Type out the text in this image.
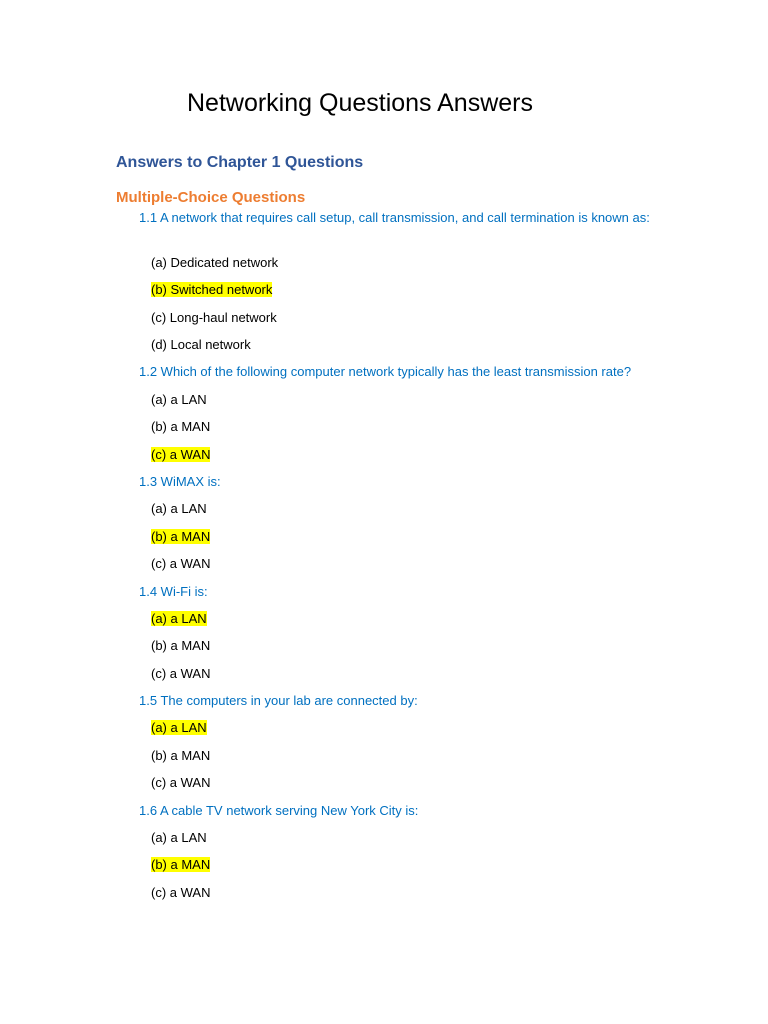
Networking Questions Answers
Answers to Chapter 1 Questions
Multiple-Choice Questions
1.1 A network that requires call setup, call transmission, and call termination is known as:
(a) Dedicated network
(b) Switched network
(c) Long-haul network
(d) Local network
1.2 Which of the following computer network typically has the least transmission rate?
(a) a LAN
(b) a MAN
(c) a WAN
1.3 WiMAX is:
(a) a LAN
(b) a MAN
(c) a WAN
1.4 Wi-Fi is:
(a) a LAN
(b) a MAN
(c) a WAN
1.5 The computers in your lab are connected by:
(a) a LAN
(b) a MAN
(c) a WAN
1.6 A cable TV network serving New York City is:
(a) a LAN
(b) a MAN
(c) a WAN
